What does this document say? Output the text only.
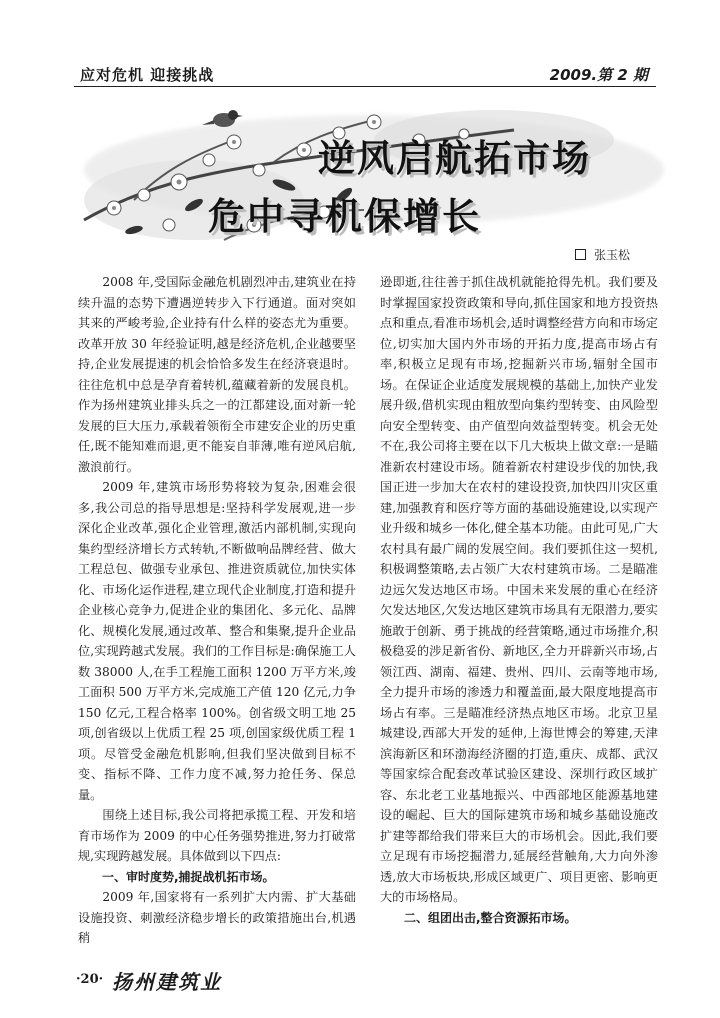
应对危机 迎接挑战	2009.第 2 期
逆风启航拓市场
危中寻机保增长
张玉松

2008 年,受国际金融危机剧烈冲击,建筑业在持续升温的态势下遭遇逆转步入下行通道。面对突如其来的严峻考验,企业持有什么样的姿态尤为重要。改革开放 30 年经验证明,越是经济危机,企业越要坚持,企业发展提速的机会恰恰多发生在经济衰退时。往往危机中总是孕育着转机,蕴藏着新的发展良机。作为扬州建筑业排头兵之一的江都建设,面对新一轮发展的巨大压力,承载着领衔全市建安企业的历史重任,既不能知难而退,更不能妄自菲薄,唯有逆风启航,激浪前行。

2009 年,建筑市场形势将较为复杂,困难会很多,我公司总的指导思想是:坚持科学发展观,进一步深化企业改革,强化企业管理,激活内部机制,实现向集约型经济增长方式转轨,不断做响品牌经营、做大工程总包、做强专业承包、推进资质就位,加快实体化、市场化运作进程,建立现代企业制度,打造和提升企业核心竞争力,促进企业的集团化、多元化、品牌化、规模化发展,通过改革、整合和集聚,提升企业品位,实现跨越式发展。我们的工作目标是:确保施工人数 38000 人,在手工程施工面积 1200 万平方米,竣工面积 500 万平方米,完成施工产值 120 亿元,力争 150 亿元,工程合格率 100%。创省级文明工地 25 项,创省级以上优质工程 25 项,创国家级优质工程 1 项。尽管受金融危机影响,但我们坚决做到目标不变、指标不降、工作力度不减,努力抢任务、保总量。

围绕上述目标,我公司将把承揽工程、开发和培育市场作为 2009 的中心任务强势推进,努力打破常规,实现跨越发展。具体做到以下四点:

一、审时度势,捕捉战机拓市场。

2009 年,国家将有一系列扩大内需、扩大基础设施投资、刺激经济稳步增长的政策措施出台,机遇稍

逊即逝,往往善于抓住战机就能抢得先机。我们要及时掌握国家投资政策和导向,抓住国家和地方投资热点和重点,看准市场机会,适时调整经营方向和市场定位,切实加大国内外市场的开拓力度,提高市场占有率,积极立足现有市场,挖掘新兴市场,辐射全国市场。在保证企业适度发展规模的基础上,加快产业发展升级,借机实现由粗放型向集约型转变、由风险型向安全型转变、由产值型向效益型转变。机会无处不在,我公司将主要在以下几大板块上做文章:一是瞄准新农村建设市场。随着新农村建设步伐的加快,我国正进一步加大在农村的建设投资,加快四川灾区重建,加强教育和医疗等方面的基础设施建设,以实现产业升级和城乡一体化,健全基本功能。由此可见,广大农村具有最广阔的发展空间。我们要抓住这一契机,积极调整策略,去占领广大农村建筑市场。二是瞄准边远欠发达地区市场。中国未来发展的重心在经济欠发达地区,欠发达地区建筑市场具有无限潜力,要实施敢于创新、勇于挑战的经营策略,通过市场推介,积极稳妥的涉足新省份、新地区,全力开辟新兴市场,占领江西、湖南、福建、贵州、四川、云南等地市场,全力提升市场的渗透力和覆盖面,最大限度地提高市场占有率。三是瞄准经济热点地区市场。北京卫星城建设,西部大开发的延伸,上海世博会的筹建,天津滨海新区和环渤海经济圈的打造,重庆、成都、武汉等国家综合配套改革试验区建设、深圳行政区域扩容、东北老工业基地振兴、中西部地区能源基地建设的崛起、巨大的国际建筑市场和城乡基础设施改扩建等都给我们带来巨大的市场机会。因此,我们要立足现有市场挖掘潜力,延展经营触角,大力向外渗透,放大市场板块,形成区域更广、项目更密、影响更大的市场格局。

二、组团出击,整合资源拓市场。

·20· 扬州建筑业
